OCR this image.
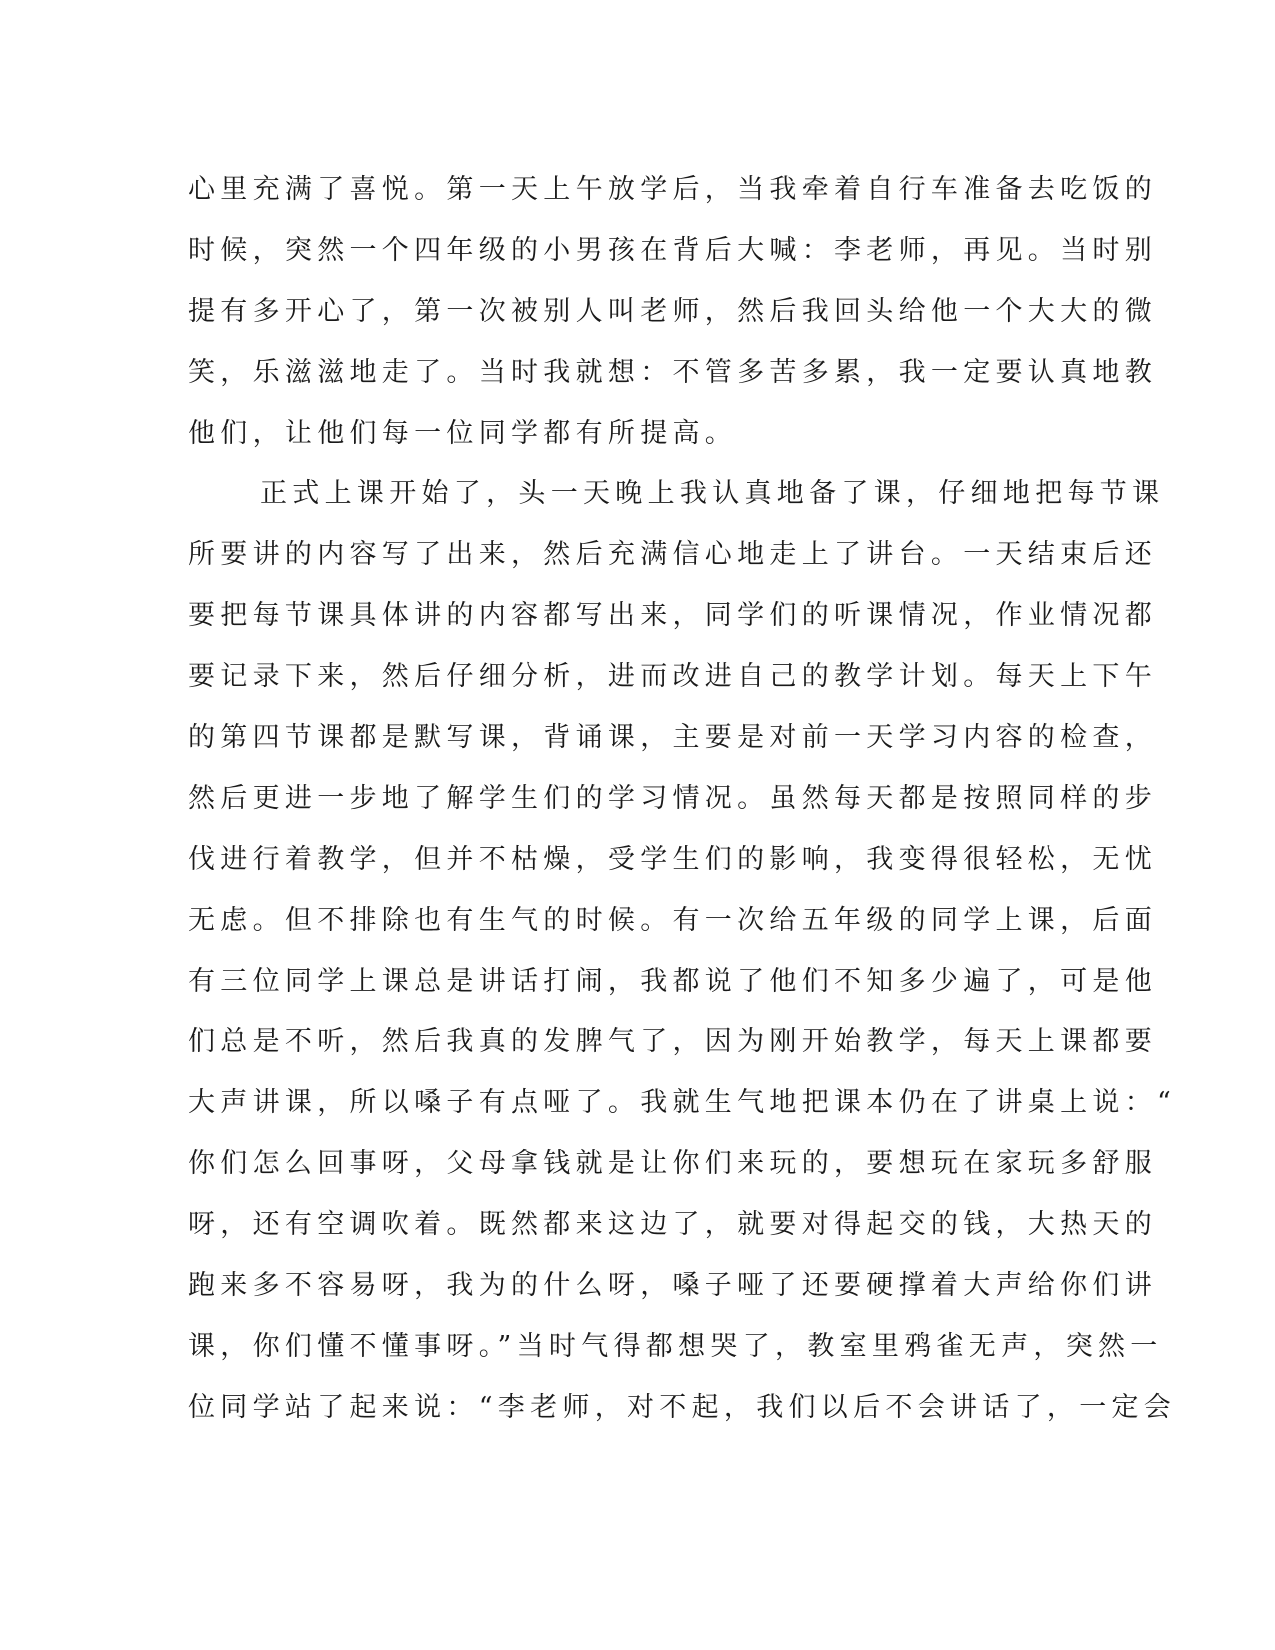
心里充满了喜悦。第一天上午放学后，当我牵着自行车准备去吃饭的
时候，突然一个四年级的小男孩在背后大喊：李老师，再见。当时别
提有多开心了，第一次被别人叫老师，然后我回头给他一个大大的微
笑，乐滋滋地走了。当时我就想：不管多苦多累，我一定要认真地教
他们，让他们每一位同学都有所提高。
正式上课开始了，头一天晚上我认真地备了课，仔细地把每节课
所要讲的内容写了出来，然后充满信心地走上了讲台。一天结束后还
要把每节课具体讲的内容都写出来，同学们的听课情况，作业情况都
要记录下来，然后仔细分析，进而改进自己的教学计划。每天上下午
的第四节课都是默写课，背诵课，主要是对前一天学习内容的检查，
然后更进一步地了解学生们的学习情况。虽然每天都是按照同样的步
伐进行着教学，但并不枯燥，受学生们的影响，我变得很轻松，无忧
无虑。但不排除也有生气的时候。有一次给五年级的同学上课，后面
有三位同学上课总是讲话打闹，我都说了他们不知多少遍了，可是他
们总是不听，然后我真的发脾气了，因为刚开始教学，每天上课都要
大声讲课，所以嗓子有点哑了。我就生气地把课本仍在了讲桌上说：“
你们怎么回事呀，父母拿钱就是让你们来玩的，要想玩在家玩多舒服
呀，还有空调吹着。既然都来这边了，就要对得起交的钱，大热天的
跑来多不容易呀，我为的什么呀，嗓子哑了还要硬撑着大声给你们讲
课，你们懂不懂事呀。”当时气得都想哭了，教室里鸦雀无声，突然一
位同学站了起来说：“李老师，对不起，我们以后不会讲话了，一定会
